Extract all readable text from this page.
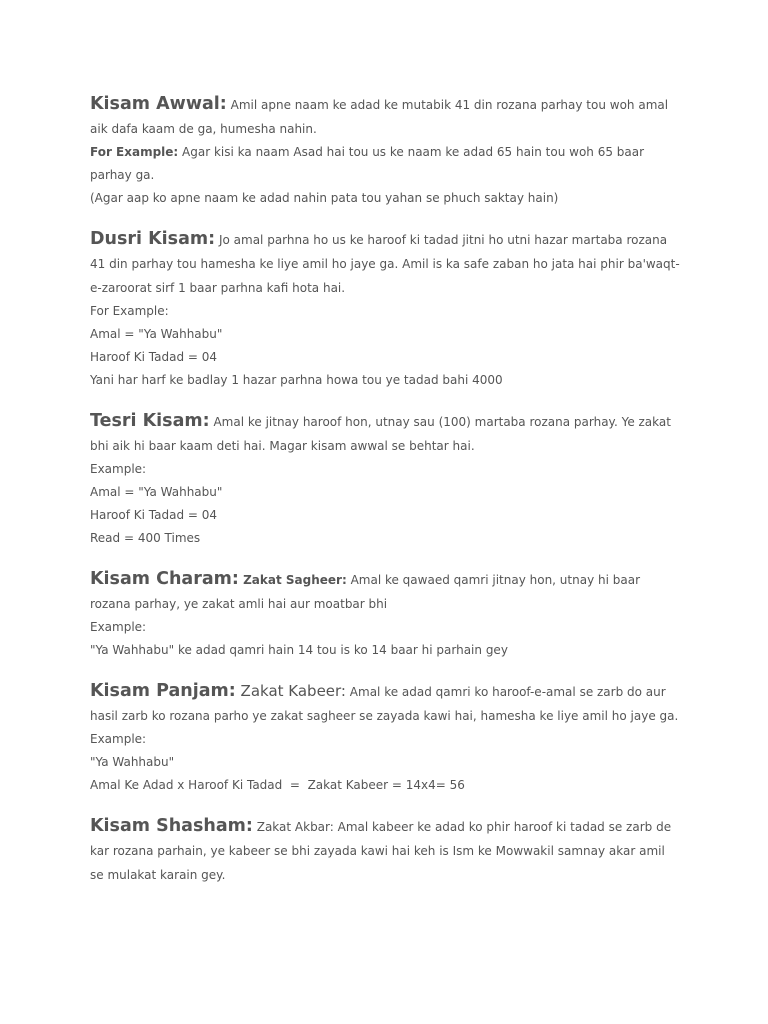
Kisam Awwal: Amil apne naam ke adad ke mutabik 41 din rozana parhay tou woh amal aik dafa kaam de ga, humesha nahin.
For Example: Agar kisi ka naam Asad hai tou us ke naam ke adad 65 hain tou woh 65 baar parhay ga.
(Agar aap ko apne naam ke adad nahin pata tou yahan se phuch saktay hain)
Dusri Kisam: Jo amal parhna ho us ke haroof ki tadad jitni ho utni hazar martaba rozana 41 din parhay tou hamesha ke liye amil ho jaye ga. Amil is ka safe zaban ho jata hai phir ba'waqt-e-zaroorat sirf 1 baar parhna kafi hota hai.
For Example:
Amal = "Ya Wahhabu"
Haroof Ki Tadad = 04
Yani har harf ke badlay 1 hazar parhna howa tou ye tadad bahi 4000
Tesri Kisam: Amal ke jitnay haroof hon, utnay sau (100) martaba rozana parhay. Ye zakat bhi aik hi baar kaam deti hai. Magar kisam awwal se behtar hai.
Example:
Amal = "Ya Wahhabu"
Haroof Ki Tadad = 04
Read = 400 Times
Kisam Charam: Zakat Sagheer: Amal ke qawaed qamri jitnay hon, utnay hi baar rozana parhay, ye zakat amli hai aur moatbar bhi
Example:
"Ya Wahhabu" ke adad qamri hain 14 tou is ko 14 baar hi parhain gey
Kisam Panjam: Zakat Kabeer: Amal ke adad qamri ko haroof-e-amal se zarb do aur hasil zarb ko rozana parho ye zakat sagheer se zayada kawi hai, hamesha ke liye amil ho jaye ga.
Example:
"Ya Wahhabu"
Amal Ke Adad x Haroof Ki Tadad  =  Zakat Kabeer = 14x4= 56
Kisam Shasham: Zakat Akbar: Amal kabeer ke adad ko phir haroof ki tadad se zarb de kar rozana parhain, ye kabeer se bhi zayada kawi hai keh is Ism ke Mowwakil samnay akar amil se mulakat karain gey.
